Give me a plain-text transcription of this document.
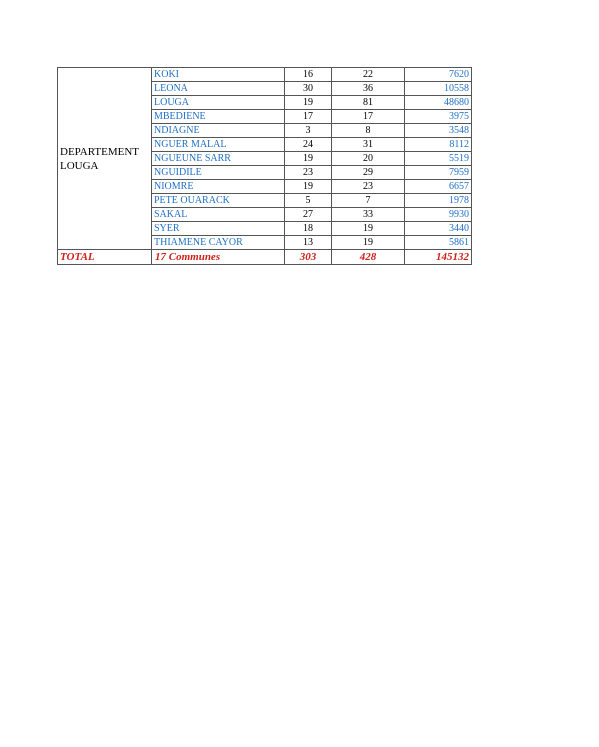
DEPARTEMENT
LOUGA	KOKI	16	22	7620
	LEONA	30	36	10558
	LOUGA	19	81	48680
	MBEDIENE	17	17	3975
	NDIAGNE	3	8	3548
	NGUER MALAL	24	31	8112
	NGUEUNE SARR	19	20	5519
	NGUIDILE	23	29	7959
	NIOMRE	19	23	6657
	PETE OUARACK	5	7	1978
	SAKAL	27	33	9930
	SYER	18	19	3440
	THIAMENE CAYOR	13	19	5861
TOTAL	17 Communes	303	428	145132
